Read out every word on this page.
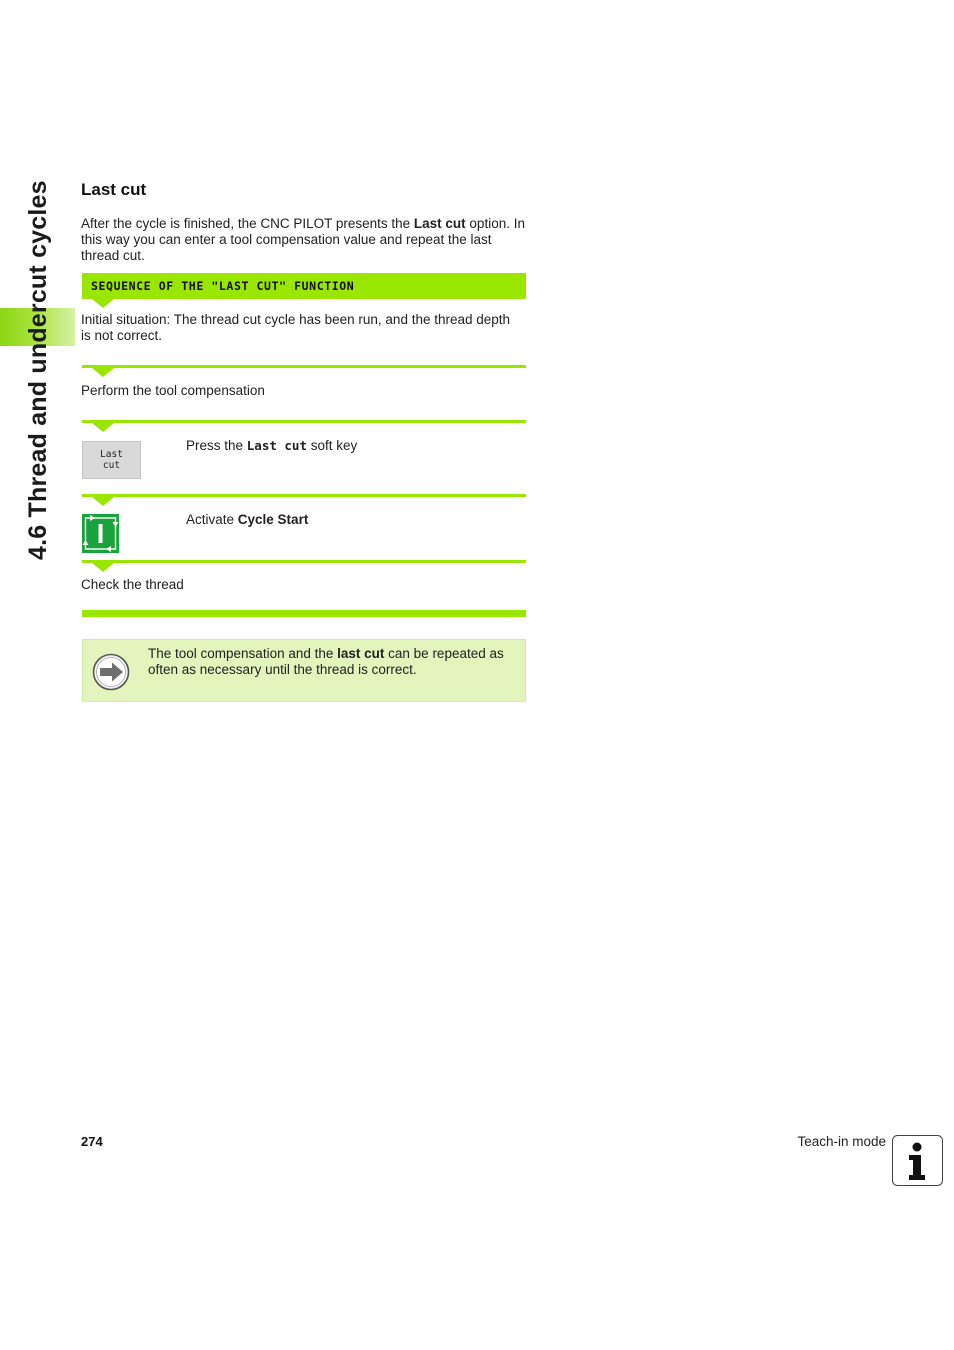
4.6 Thread and undercut cycles Last cut

After the cycle is finished, the CNC PILOT presents the Last cut option. In this way you can enter a tool compensation value and repeat the last thread cut.

SEQUENCE OF THE "LAST CUT" FUNCTION

Initial situation: The thread cut cycle has been run, and the thread depth is not correct.

Perform the tool compensation

Last
cut

Press the Last cut soft key

Activate Cycle Start

Check the thread

The tool compensation and the last cut can be repeated as often as necessary until the thread is correct.

274	Teach-in mode
